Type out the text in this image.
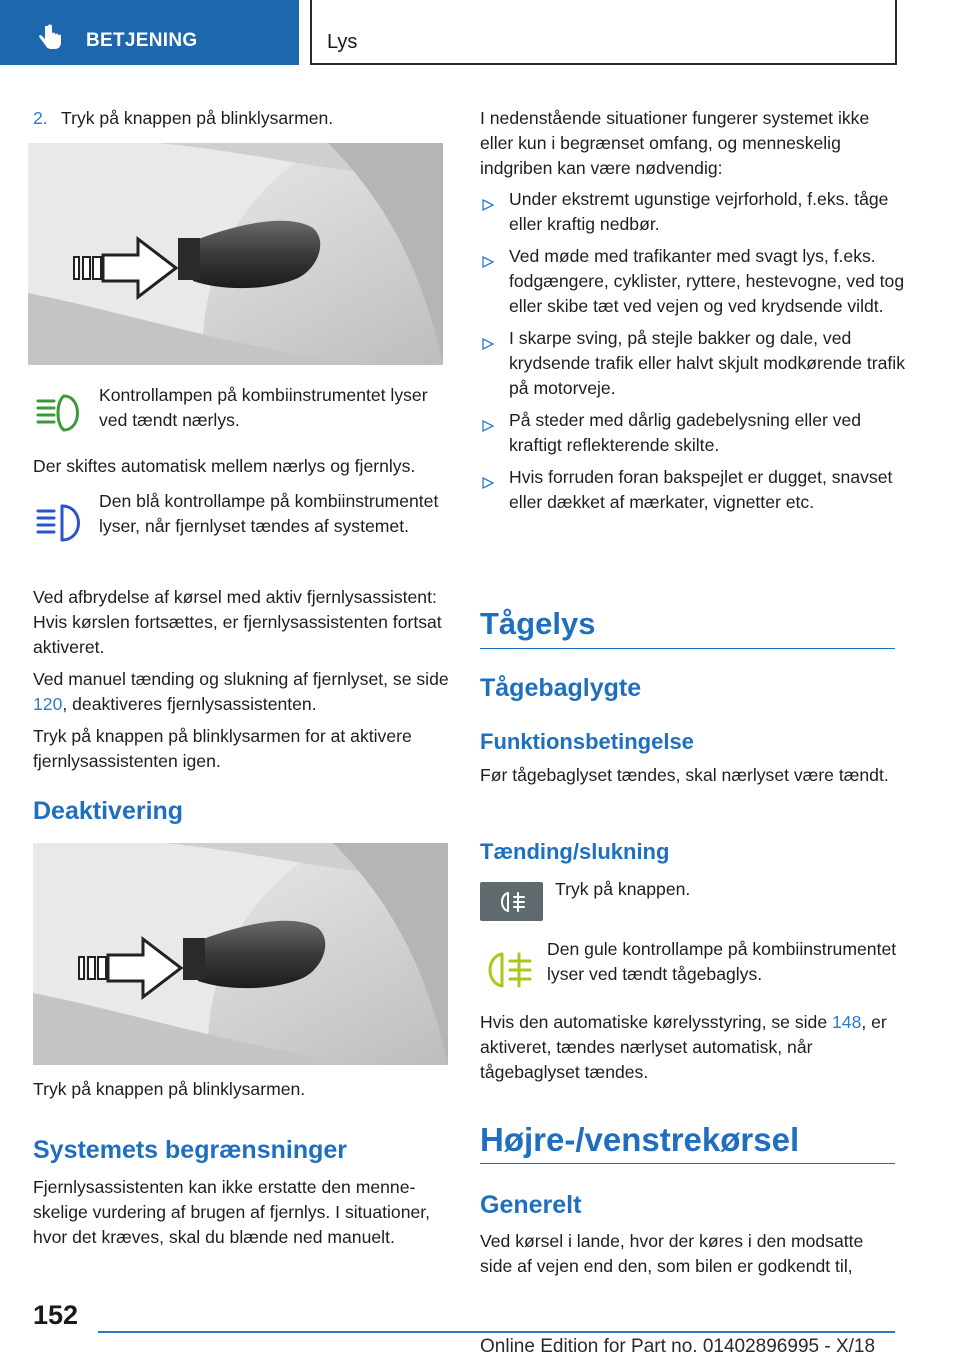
BETJENING	Lys

2. Tryk på knappen på blinklysarmen.

Kontrollampen på kombiinstrumentet lyser ved tændt nærlys.

Der skiftes automatisk mellem nærlys og fjernlys.

Den blå kontrollampe på kombiinstrumentet lyser, når fjernlyset tændes af systemet.

Ved afbrydelse af kørsel med aktiv fjernlysassistent: Hvis kørslen fortsættes, er fjernlysassistenten fortsat aktiveret.

Ved manuel tænding og slukning af fjernlyset, se side 120, deaktiveres fjernlysassistenten.

Tryk på knappen på blinklysarmen for at aktivere fjernlysassistenten igen.

Deaktivering

Tryk på knappen på blinklysarmen.

Systemets begrænsninger

Fjernlysassistenten kan ikke erstatte den menneskelige vurdering af brugen af fjernlys. I situationer, hvor det kræves, skal du blænde ned manuelt.

I nedenstående situationer fungerer systemet ikke eller kun i begrænset omfang, og menneskelig indgriben kan være nødvendig:

Under ekstremt ugunstige vejrforhold, f.eks. tåge eller kraftig nedbør.
Ved møde med trafikanter med svagt lys, f.eks. fodgængere, cyklister, ryttere, hestevogne, ved tog eller skibe tæt ved vejen og ved krydsende vildt.
I skarpe sving, på stejle bakker og dale, ved krydsende trafik eller halvt skjult modkørende trafik på motorveje.
På steder med dårlig gadebelysning eller ved kraftigt reflekterende skilte.
Hvis forruden foran bakspejlet er dugget, snavset eller dækket af mærkater, vignetter etc.
Tågelys
Tågebaglygte
Funktionsbetingelse

Før tågebaglyset tændes, skal nærlyset være tændt.

Tænding/slukning

Tryk på knappen.

Den gule kontrollampe på kombiinstrumentet lyser ved tændt tågebaglys.

Hvis den automatiske kørelysstyring, se side 148, er aktiveret, tændes nærlyset automatisk, når tågebaglyset tændes.

Højre-/venstrekørsel
Generelt

Ved kørsel i lande, hvor der køres i den modsatte side af vejen end den, som bilen er godkendt til,

152
Online Edition for Part no. 01402896995 - X/18
